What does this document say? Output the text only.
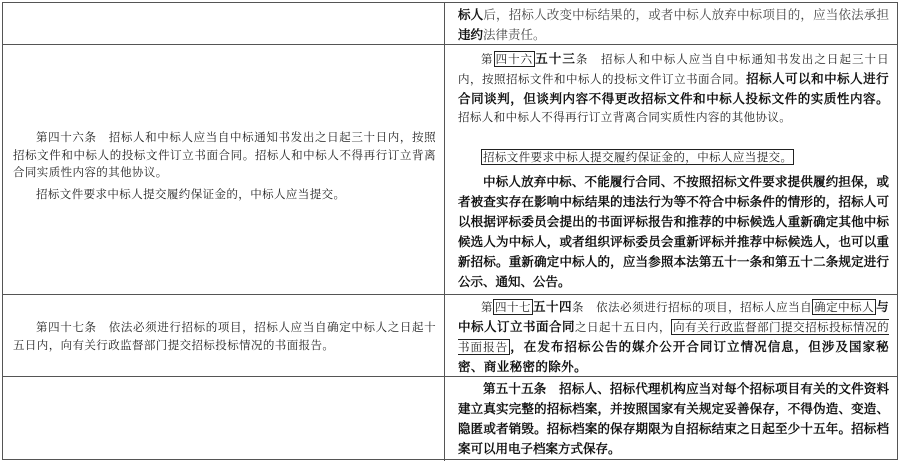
标人后，招标人改变中标结果的，或者中标人放弃中标项目的，应当依法承担违约法律责任。

第四十六条　招标人和中标人应当自中标通知书发出之日起三十日内，按照招标文件和中标人的投标文件订立书面合同。招标人和中标人不得再行订立背离合同实质性内容的其他协议。

招标文件要求中标人提交履约保证金的，中标人应当提交。

第 四十六 五十三条　招标人和中标人应当自中标通知书发出之日起三十日内，按照招标文件和中标人的投标文件订立书面合同。招标人可以和中标人进行合同谈判，但谈判内容不得更改招标文件和中标人投标文件的实质性内容。招标人和中标人不得再行订立背离合同实质性内容的其他协议。

招标文件要求中标人提交履约保证金的，中标人应当提交。

中标人放弃中标、不能履行合同、不按照招标文件要求提供履约担保，或者被查实存在影响中标结果的违法行为等不符合中标条件的情形的，招标人可以根据评标委员会提出的书面评标报告和推荐的中标候选人重新确定其他中标候选人为中标人，或者组织评标委员会重新评标并推荐中标候选人，也可以重新招标。重新确定中标人的，应当参照本法第五十一条和第五十二条规定进行公示、通知、公告。

第四十七条　依法必须进行招标的项目，招标人应当自确定中标人之日起十五日内，向有关行政监督部门提交招标投标情况的书面报告。

第 四十七 五十四条　依法必须进行招标的项目，招标人应当自 确定中标人 与中标人订立书面合同之日起十五日内， 向有关行政监督部门提交招标投标情况的书面报告 ，在发布招标公告的媒介公开合同订立情况信息，但涉及国家秘密、商业秘密的除外。

第五十五条　招标人、招标代理机构应当对每个招标项目有关的文件资料建立真实完整的招标档案，并按照国家有关规定妥善保存，不得伪造、变造、隐匿或者销毁。招标档案的保存期限为自招标结束之日起至少十五年。招标档案可以用电子档案方式保存。
